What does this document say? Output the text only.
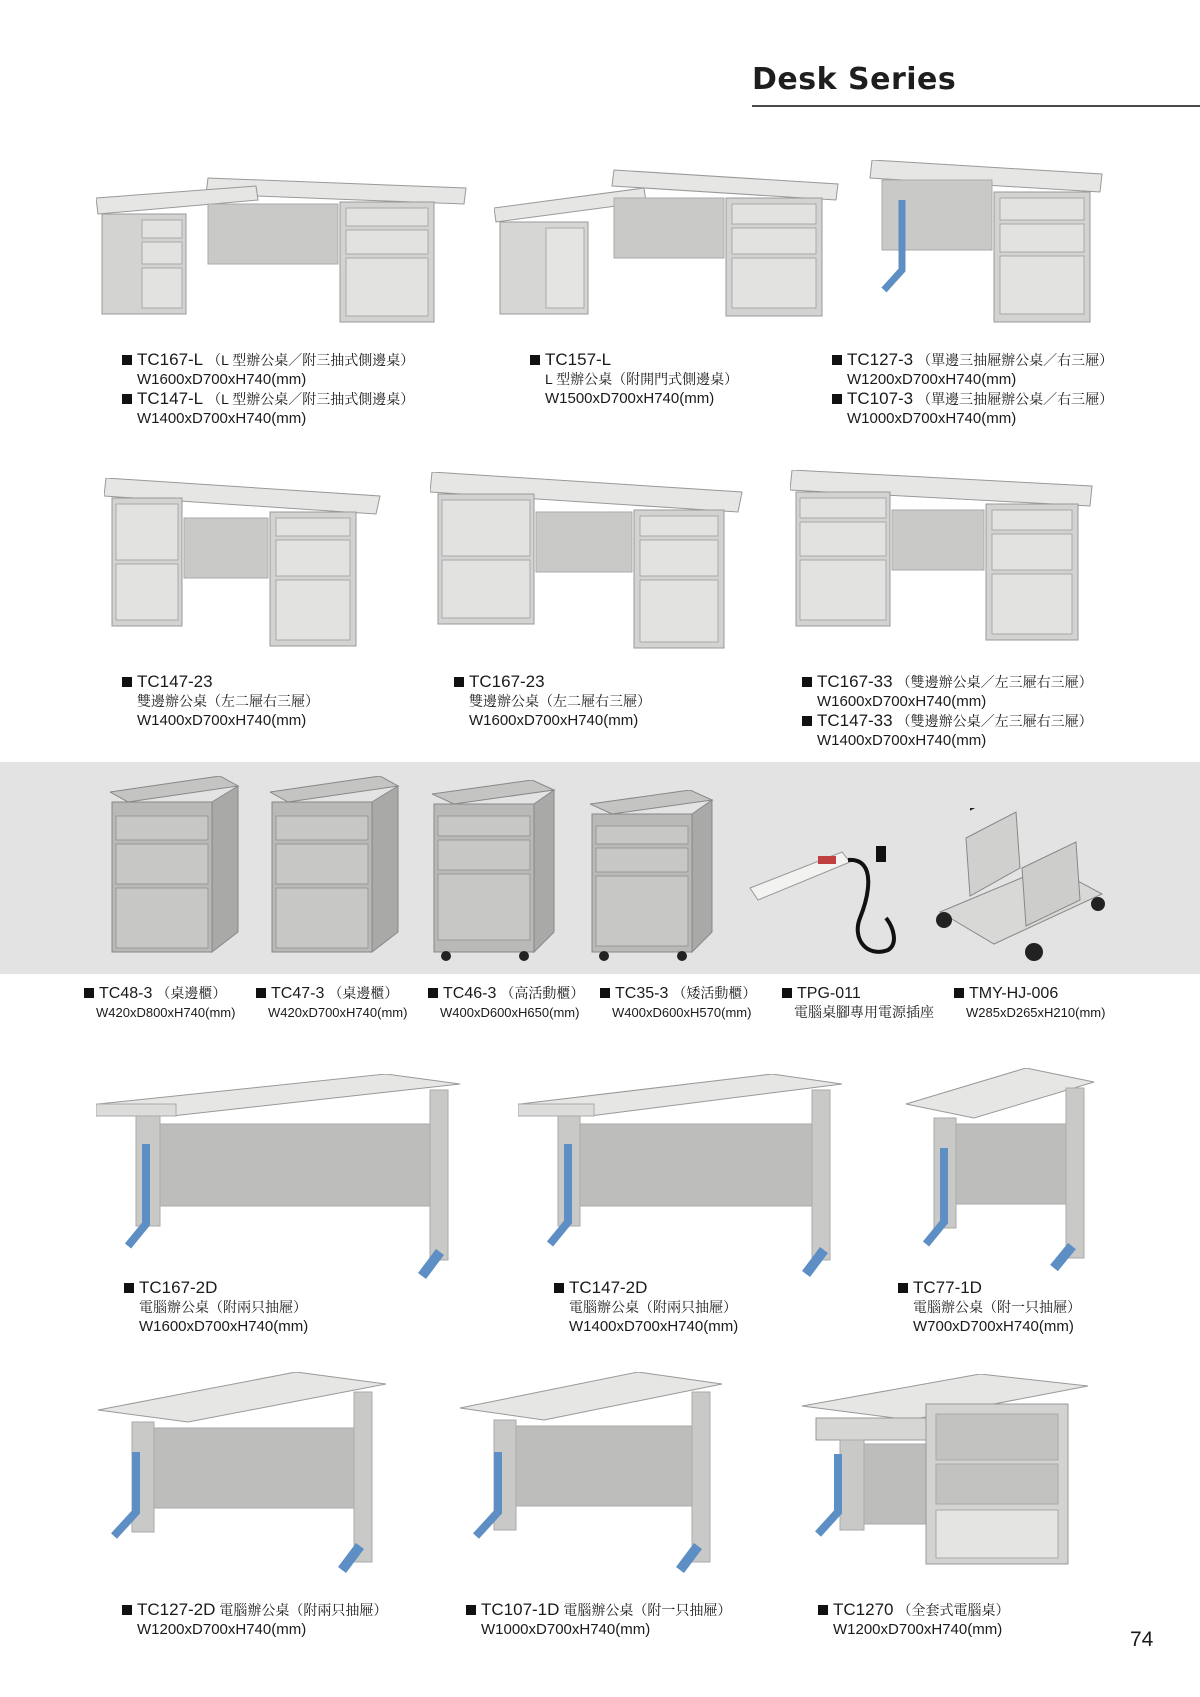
Desk Series
TC167-L （L 型辦公桌／附三抽式側邊桌）
W1600xD700xH740(mm)
TC147-L （L 型辦公桌／附三抽式側邊桌）
W1400xD700xH740(mm)
TC157-L
L 型辦公桌（附開門式側邊桌）
W1500xD700xH740(mm)
TC127-3 （單邊三抽屜辦公桌／右三屜）
W1200xD700xH740(mm)
TC107-3 （單邊三抽屜辦公桌／右三屜）
W1000xD700xH740(mm)
TC147-23
雙邊辦公桌（左二屜右三屜）
W1400xD700xH740(mm)
TC167-23
雙邊辦公桌（左二屜右三屜）
W1600xD700xH740(mm)
TC167-33 （雙邊辦公桌／左三屜右三屜）
W1600xD700xH740(mm)
TC147-33 （雙邊辦公桌／左三屜右三屜）
W1400xD700xH740(mm)
TC48-3 （桌邊櫃）
W420xD800xH740(mm)
TC47-3 （桌邊櫃）
W420xD700xH740(mm)
TC46-3 （高活動櫃）
W400xD600xH650(mm)
TC35-3 （矮活動櫃）
W400xD600xH570(mm)
TPG-011
電腦桌腳專用電源插座
TMY-HJ-006
W285xD265xH210(mm)
TC167-2D
電腦辦公桌（附兩只抽屜）
W1600xD700xH740(mm)
TC147-2D
電腦辦公桌（附兩只抽屜）
W1400xD700xH740(mm)
TC77-1D
電腦辦公桌（附一只抽屜）
W700xD700xH740(mm)
TC127-2D 電腦辦公桌（附兩只抽屜）
W1200xD700xH740(mm)
TC107-1D 電腦辦公桌（附一只抽屜）
W1000xD700xH740(mm)
TC1270 （全套式電腦桌）
W1200xD700xH740(mm)	74
